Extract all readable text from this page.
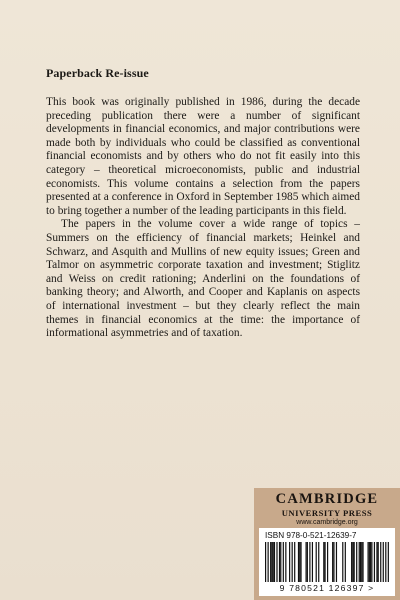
Paperback Re-issue

This book was originally published in 1986, during the decade preceding publication there were a number of significant developments in financial economics, and major contributions were made both by individuals who could be classified as conventional financial economists and by others who do not fit easily into this category – theoretical microeconomists, public and industrial economists. This volume contains a selection from the papers presented at a conference in Oxford in September 1985 which aimed to bring together a number of the leading participants in this field.

The papers in the volume cover a wide range of topics – Summers on the efficiency of financial markets; Heinkel and Schwarz, and Asquith and Mullins of new equity issues; Green and Talmor on asymmetric corporate taxation and investment; Stiglitz and Weiss on credit rationing; Anderlini on the foundations of banking theory; and Alworth, and Cooper and Kaplanis on aspects of international investment – but they clearly reflect the main themes in financial economics at the time: the importance of informational asymmetries and of taxation.

CAMBRIDGE
UNIVERSITY PRESS
www.cambridge.org
ISBN 978-0-521-12639-7
9 780521 126397 >
